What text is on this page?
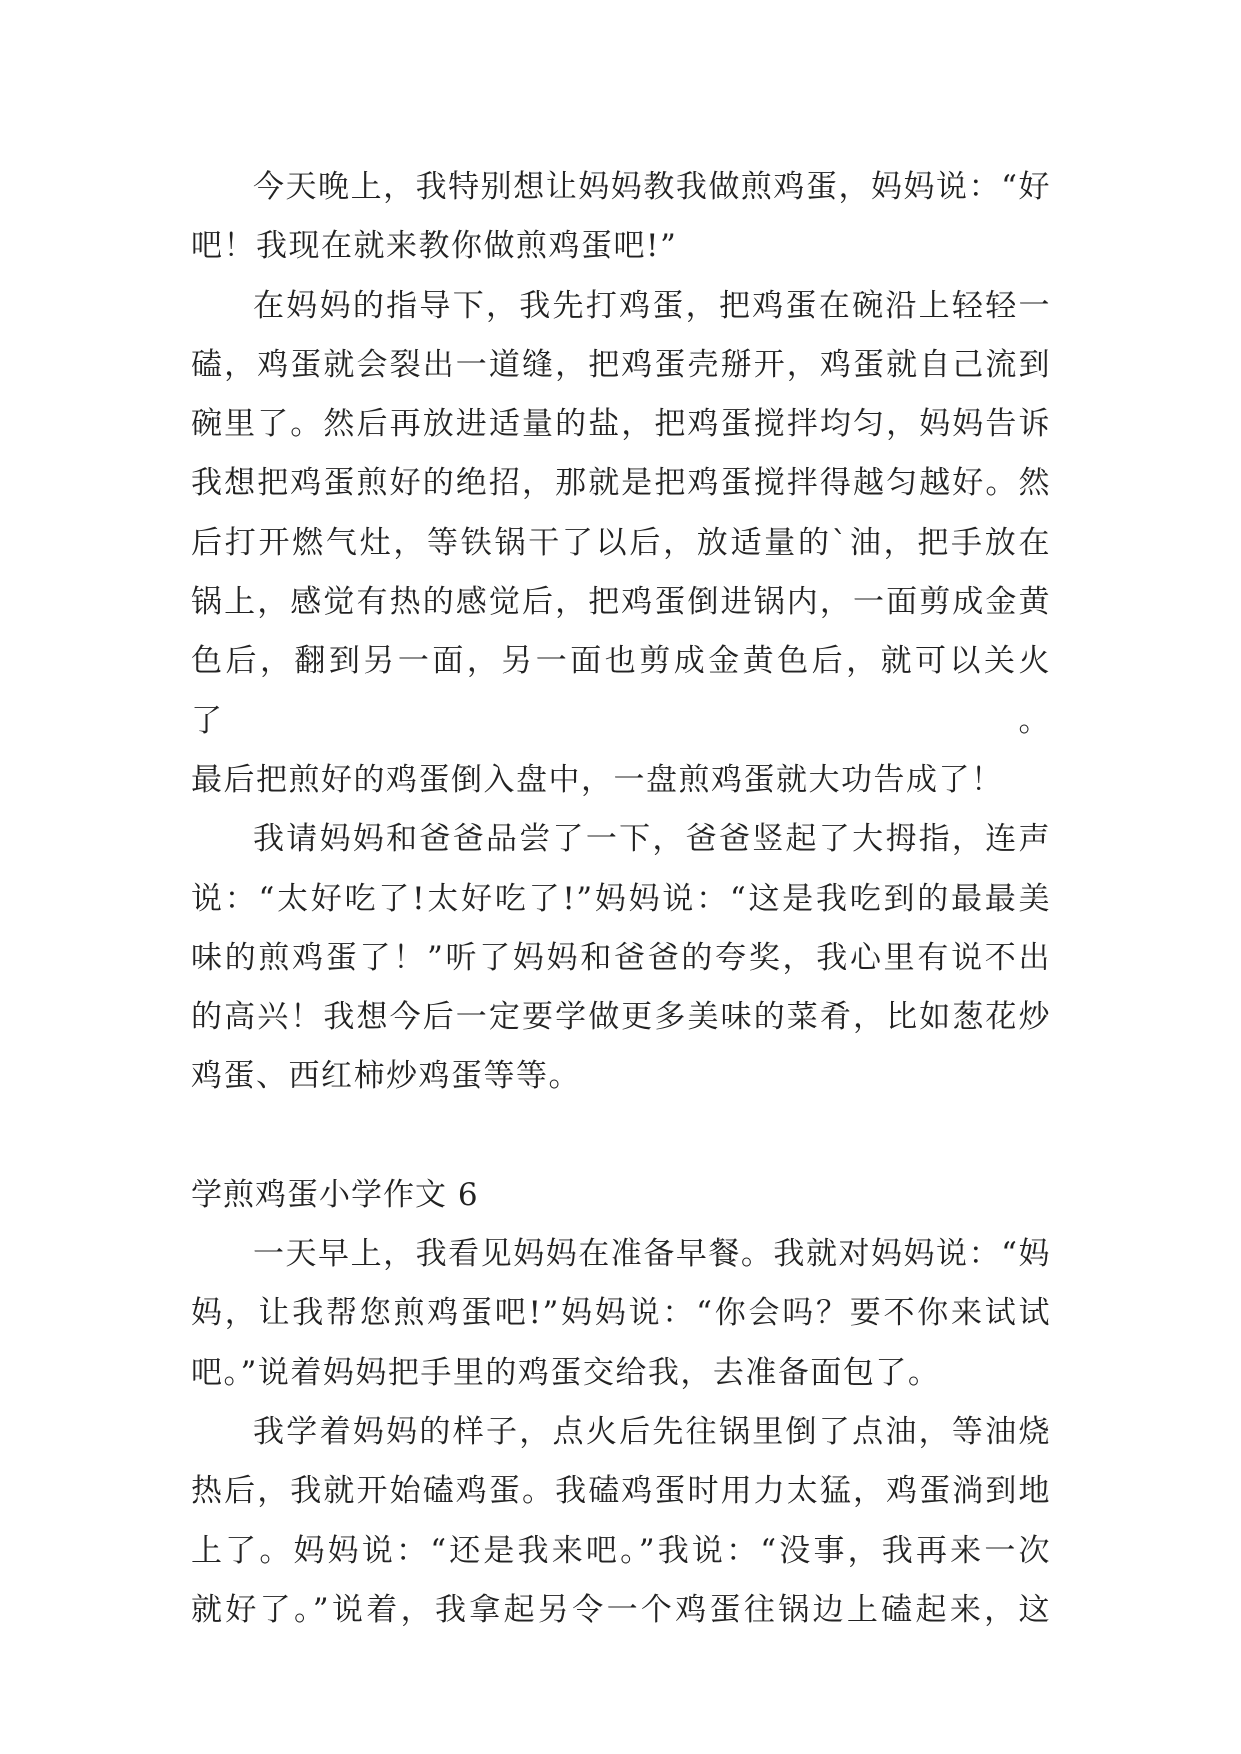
今天晚上，我特别想让妈妈教我做煎鸡蛋，妈妈说：“好
吧！我现在就来教你做煎鸡蛋吧!”

在妈妈的指导下，我先打鸡蛋，把鸡蛋在碗沿上轻轻一
磕，鸡蛋就会裂出一道缝，把鸡蛋壳掰开，鸡蛋就自己流到
碗里了。然后再放进适量的盐，把鸡蛋搅拌均匀，妈妈告诉
我想把鸡蛋煎好的绝招，那就是把鸡蛋搅拌得越匀越好。然
后打开燃气灶，等铁锅干了以后，放适量的`油，把手放在
锅上，感觉有热的感觉后，把鸡蛋倒进锅内，一面剪成金黄
色后，翻到另一面，另一面也剪成金黄色后，就可以关火了。
最后把煎好的鸡蛋倒入盘中，一盘煎鸡蛋就大功告成了！

我请妈妈和爸爸品尝了一下，爸爸竖起了大拇指，连声
说：“太好吃了!太好吃了!”妈妈说：“这是我吃到的最最美
味的煎鸡蛋了！”听了妈妈和爸爸的夸奖，我心里有说不出
的高兴！我想今后一定要学做更多美味的菜肴，比如葱花炒
鸡蛋、西红柿炒鸡蛋等等。

学煎鸡蛋小学作文 6

一天早上，我看见妈妈在准备早餐。我就对妈妈说：“妈
妈，让我帮您煎鸡蛋吧!”妈妈说：“你会吗？要不你来试试
吧。”说着妈妈把手里的鸡蛋交给我，去准备面包了。

我学着妈妈的样子，点火后先往锅里倒了点油，等油烧
热后，我就开始磕鸡蛋。我磕鸡蛋时用力太猛，鸡蛋淌到地
上了。妈妈说：“还是我来吧。”我说：“没事，我再来一次
就好了。”说着，我拿起另令一个鸡蛋往锅边上磕起来，这
